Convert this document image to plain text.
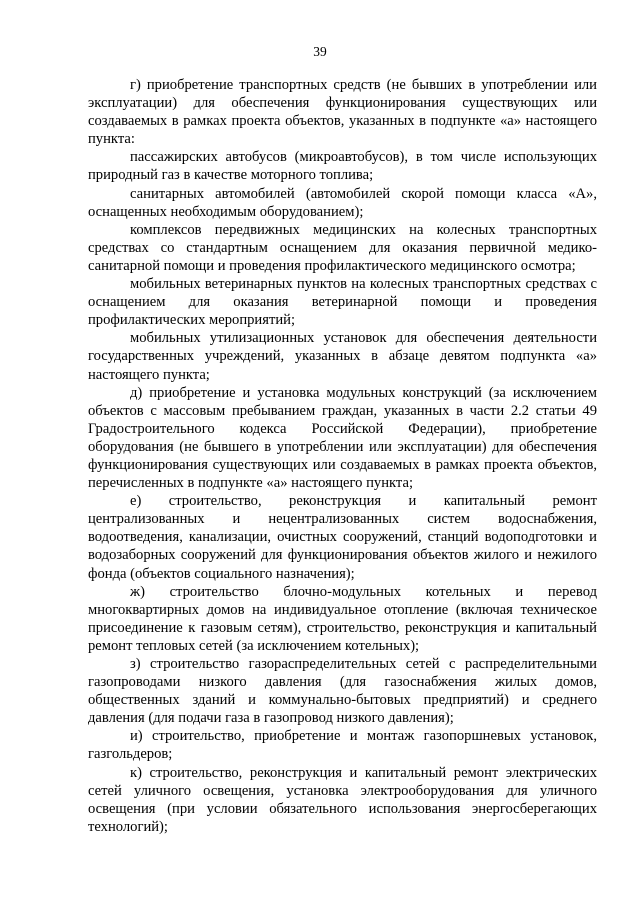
39

г) приобретение транспортных средств (не бывших в употреблении или эксплуатации) для обеспечения функционирования существующих или создаваемых в рамках проекта объектов, указанных в подпункте «а» настоящего пункта:

пассажирских автобусов (микроавтобусов), в том числе использующих природный газ в качестве моторного топлива;

санитарных автомобилей (автомобилей скорой помощи класса «А», оснащенных необходимым оборудованием);

комплексов передвижных медицинских на колесных транспортных средствах со стандартным оснащением для оказания первичной медико-санитарной помощи и проведения профилактического медицинского осмотра;

мобильных ветеринарных пунктов на колесных транспортных средствах с оснащением для оказания ветеринарной помощи и проведения профилактических мероприятий;

мобильных утилизационных установок для обеспечения деятельности государственных учреждений, указанных в абзаце девятом подпункта «а» настоящего пункта;

д) приобретение и установка модульных конструкций (за исключением объектов с массовым пребыванием граждан, указанных в части 2.2 статьи 49 Градостроительного кодекса Российской Федерации), приобретение оборудования (не бывшего в употреблении или эксплуатации) для обеспечения функционирования существующих или создаваемых в рамках проекта объектов, перечисленных в подпункте «а» настоящего пункта;

е) строительство, реконструкция и капитальный ремонт централизованных и нецентрализованных систем водоснабжения, водоотведения, канализации, очистных сооружений, станций водоподготовки и водозаборных сооружений для функционирования объектов жилого и нежилого фонда (объектов социального назначения);

ж) строительство блочно-модульных котельных и перевод многоквартирных домов на индивидуальное отопление (включая техническое присоединение к газовым сетям), строительство, реконструкция и капитальный ремонт тепловых сетей (за исключением котельных);

з) строительство газораспределительных сетей с распределительными газопроводами низкого давления (для газоснабжения жилых домов, общественных зданий и коммунально-бытовых предприятий) и среднего давления (для подачи газа в газопровод низкого давления);

и) строительство, приобретение и монтаж газопоршневых установок, газгольдеров;

к) строительство, реконструкция и капитальный ремонт электрических сетей уличного освещения, установка электрооборудования для уличного освещения (при условии обязательного использования энергосберегающих технологий);
